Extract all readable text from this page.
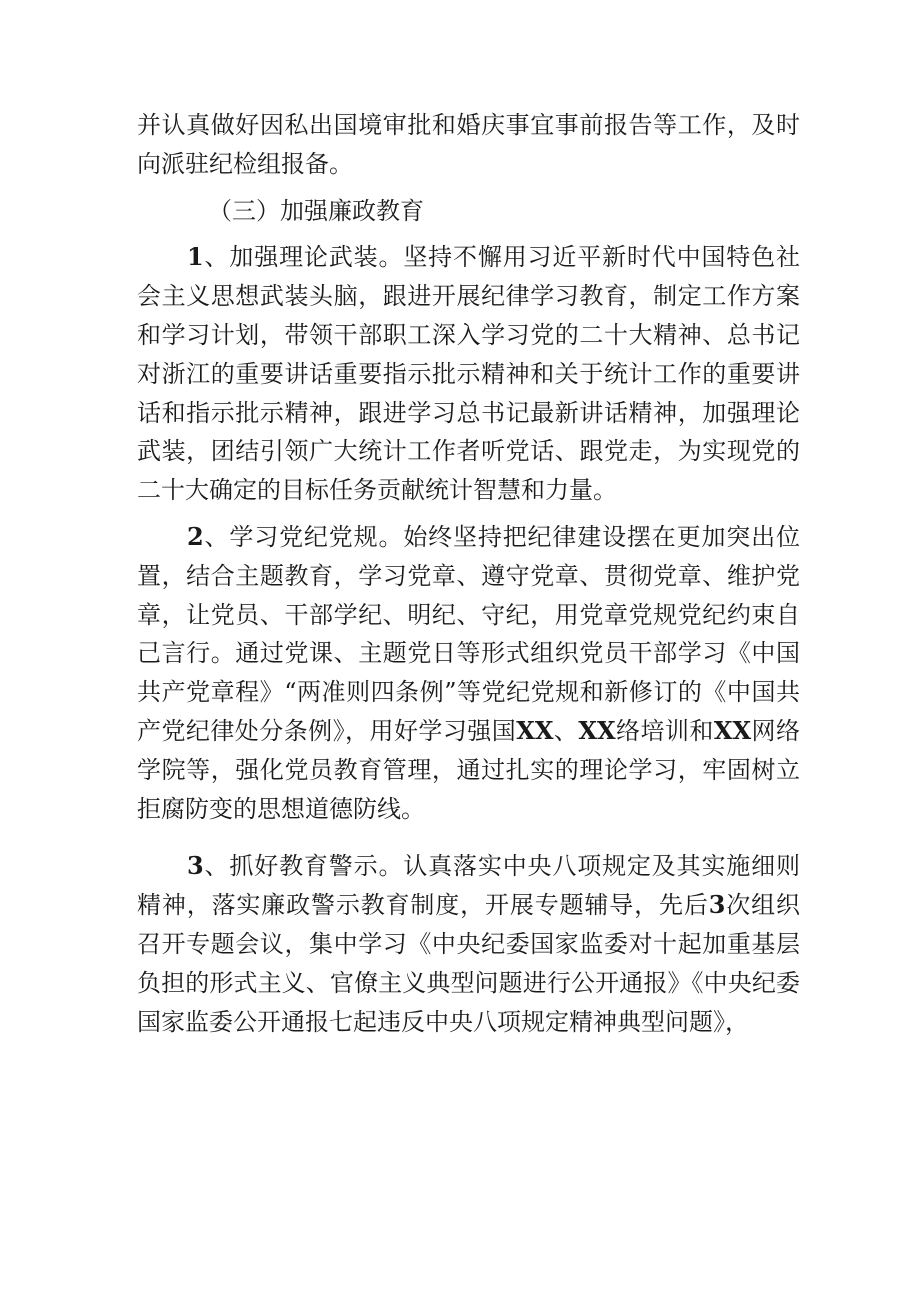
并认真做好因私出国境审批和婚庆事宜事前报告等工作，及时向派驻纪检组报备。

（三）加强廉政教育

1、加强理论武装。坚持不懈用习近平新时代中国特色社会主义思想武装头脑，跟进开展纪律学习教育，制定工作方案和学习计划，带领干部职工深入学习党的二十大精神、总书记对浙江的重要讲话重要指示批示精神和关于统计工作的重要讲话和指示批示精神，跟进学习总书记最新讲话精神，加强理论武装，团结引领广大统计工作者听党话、跟党走，为实现党的二十大确定的目标任务贡献统计智慧和力量。

2、学习党纪党规。始终坚持把纪律建设摆在更加突出位置，结合主题教育，学习党章、遵守党章、贯彻党章、维护党章，让党员、干部学纪、明纪、守纪，用党章党规党纪约束自己言行。通过党课、主题党日等形式组织党员干部学习《中国共产党章程》“两准则四条例”等党纪党规和新修订的《中国共产党纪律处分条例》，用好学习强国XX、XX络培训和XX网络学院等，强化党员教育管理，通过扎实的理论学习，牢固树立拒腐防变的思想道德防线。

3、抓好教育警示。认真落实中央八项规定及其实施细则精神，落实廉政警示教育制度，开展专题辅导，先后3次组织召开专题会议，集中学习《中央纪委国家监委对十起加重基层负担的形式主义、官僚主义典型问题进行公开通报》《中央纪委国家监委公开通报七起违反中央八项规定精神典型问题》，
